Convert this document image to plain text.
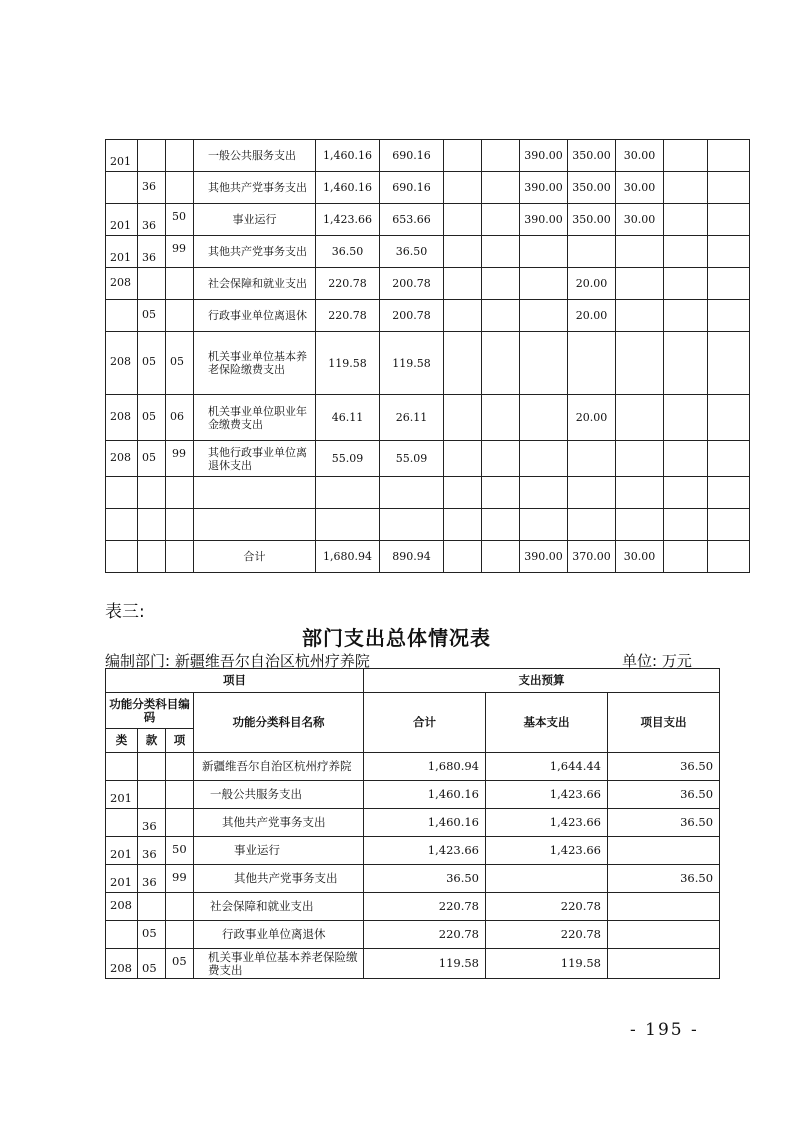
201			一般公共服务支出	1,460.16	690.16			390.00	350.00	30.00		
	36		其他共产党事务支出	1,460.16	690.16			390.00	350.00	30.00		
201	36	50	事业运行	1,423.66	653.66			390.00	350.00	30.00		
201	36	99	其他共产党事务支出	36.50	36.50							
208			社会保障和就业支出	220.78	200.78				20.00			
	05		行政事业单位离退休	220.78	200.78				20.00			
208	05	05	机关事业单位基本养老保险缴费支出	119.58	119.58							
208	05	06	机关事业单位职业年金缴费支出	46.11	26.11				20.00			
208	05	99	其他行政事业单位离退休支出	55.09	55.09							

			合计	1,680.94	890.94			390.00	370.00	30.00		
表三:
部门支出总体情况表
编制部门: 新疆维吾尔自治区杭州疗养院	单位: 万元
项目				支出预算		
功能分类科目编码			功能分类科目名称	合计	基本支出	项目支出
类	款	项				
			新疆维吾尔自治区杭州疗养院	1,680.94	1,644.44	36.50
201			一般公共服务支出	1,460.16	1,423.66	36.50
	36		其他共产党事务支出	1,460.16	1,423.66	36.50
201	36	50	事业运行	1,423.66	1,423.66	
201	36	99	其他共产党事务支出	36.50		36.50
208			社会保障和就业支出	220.78	220.78	
	05		行政事业单位离退休	220.78	220.78	
208	05	05	机关事业单位基本养老保险缴费支出	119.58	119.58	
- 195 -
